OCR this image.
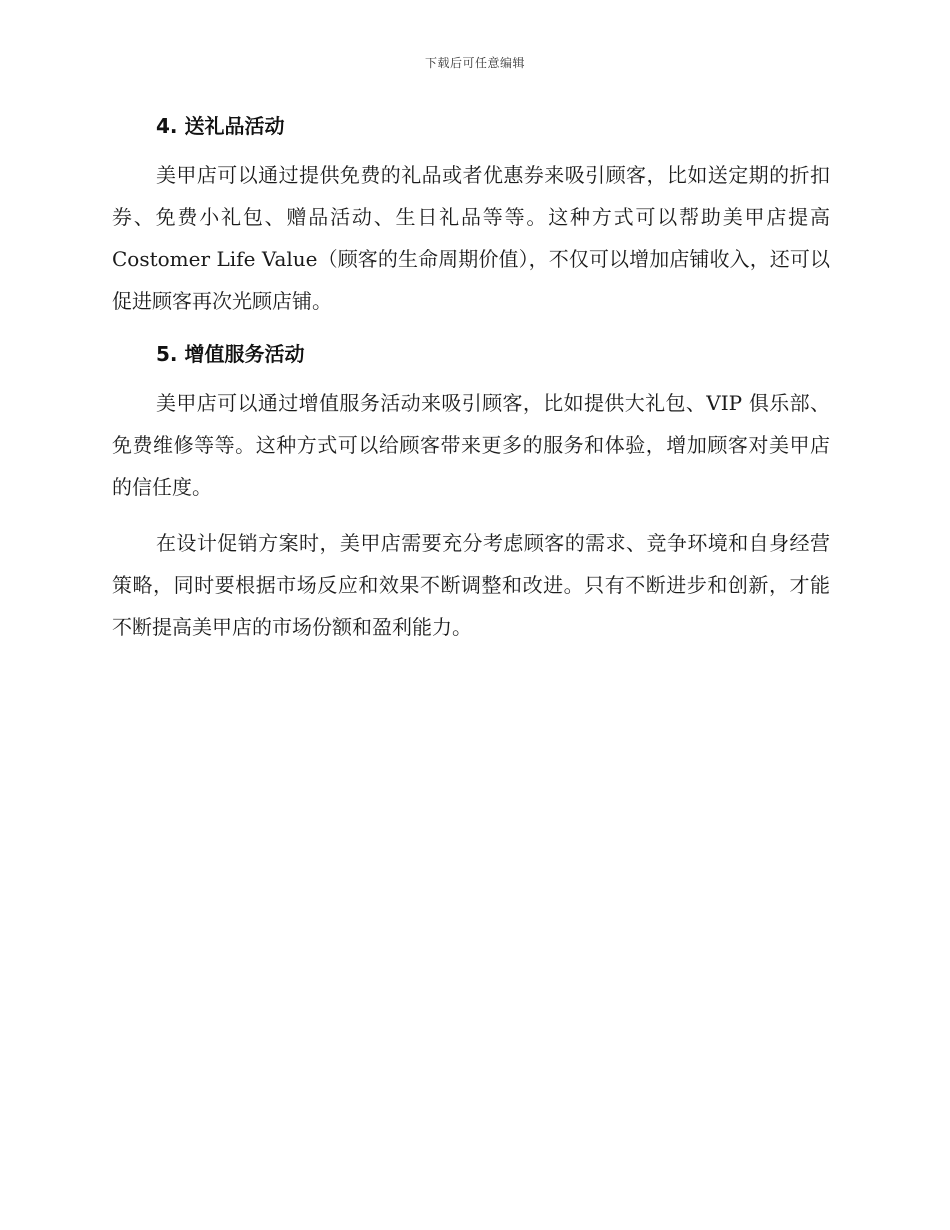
下载后可任意编辑
4. 送礼品活动

美甲店可以通过提供免费的礼品或者优惠券来吸引顾客，比如送定期的折扣券、免费小礼包、赠品活动、生日礼品等等。这种方式可以帮助美甲店提高 Costomer Life Value（顾客的生命周期价值），不仅可以增加店铺收入，还可以促进顾客再次光顾店铺。

5. 增值服务活动

美甲店可以通过增值服务活动来吸引顾客，比如提供大礼包、VIP 俱乐部、免费维修等等。这种方式可以给顾客带来更多的服务和体验，增加顾客对美甲店的信任度。

在设计促销方案时，美甲店需要充分考虑顾客的需求、竞争环境和自身经营策略，同时要根据市场反应和效果不断调整和改进。只有不断进步和创新，才能不断提高美甲店的市场份额和盈利能力。
